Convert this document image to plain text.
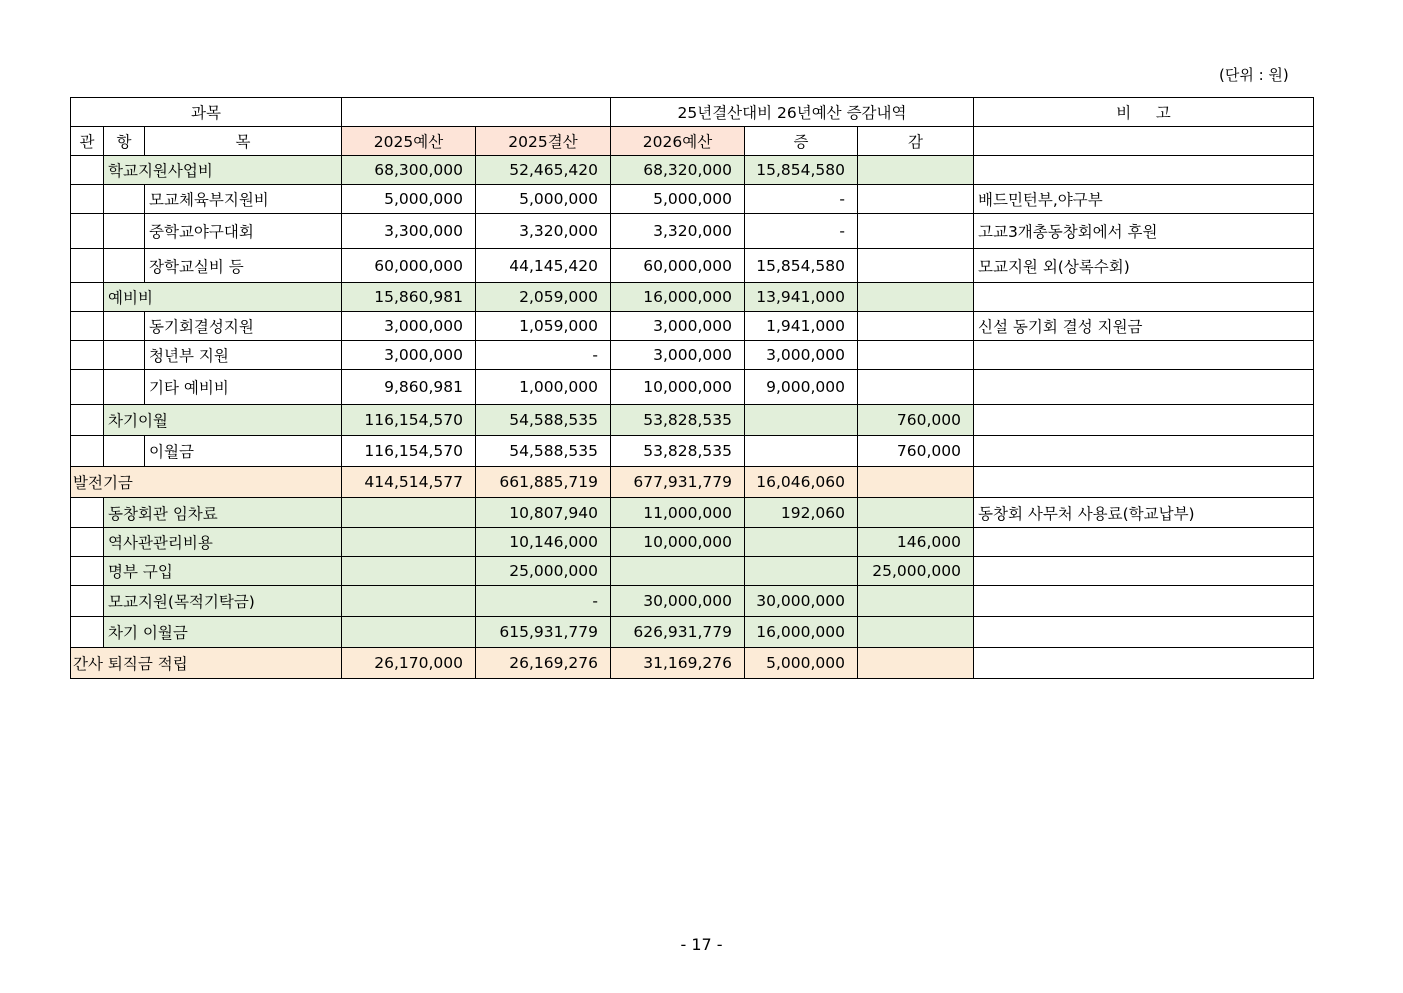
(단위 : 원)
과목					25년결산대비 26년예산 증감내역			비     고
관	항	목	2025예산	2025결산	2026예산	증	감	
	학교지원사업비		68,300,000	52,465,420	68,320,000	15,854,580		
		모교체육부지원비	5,000,000	5,000,000	5,000,000	-		배드민턴부,야구부
		중학교야구대회	3,300,000	3,320,000	3,320,000	-		고교3개총동창회에서 후원
		장학교실비 등	60,000,000	44,145,420	60,000,000	15,854,580		모교지원 외(상록수회)
	예비비		15,860,981	2,059,000	16,000,000	13,941,000		
		동기회결성지원	3,000,000	1,059,000	3,000,000	1,941,000		신설 동기회 결성 지원금
		청년부 지원	3,000,000	-	3,000,000	3,000,000		
		기타 예비비	9,860,981	1,000,000	10,000,000	9,000,000		
	차기이월		116,154,570	54,588,535	53,828,535		760,000	
		이월금	116,154,570	54,588,535	53,828,535		760,000	
발전기금			414,514,577	661,885,719	677,931,779	16,046,060		
	동창회관 임차료			10,807,940	11,000,000	192,060		동창회 사무처 사용료(학교납부)
	역사관관리비용			10,146,000	10,000,000		146,000	
	명부 구입			25,000,000			25,000,000	
	모교지원(목적기탁금)			-	30,000,000	30,000,000		
	차기 이월금			615,931,779	626,931,779	16,000,000		
간사 퇴직금 적립			26,170,000	26,169,276	31,169,276	5,000,000		
- 17 -
